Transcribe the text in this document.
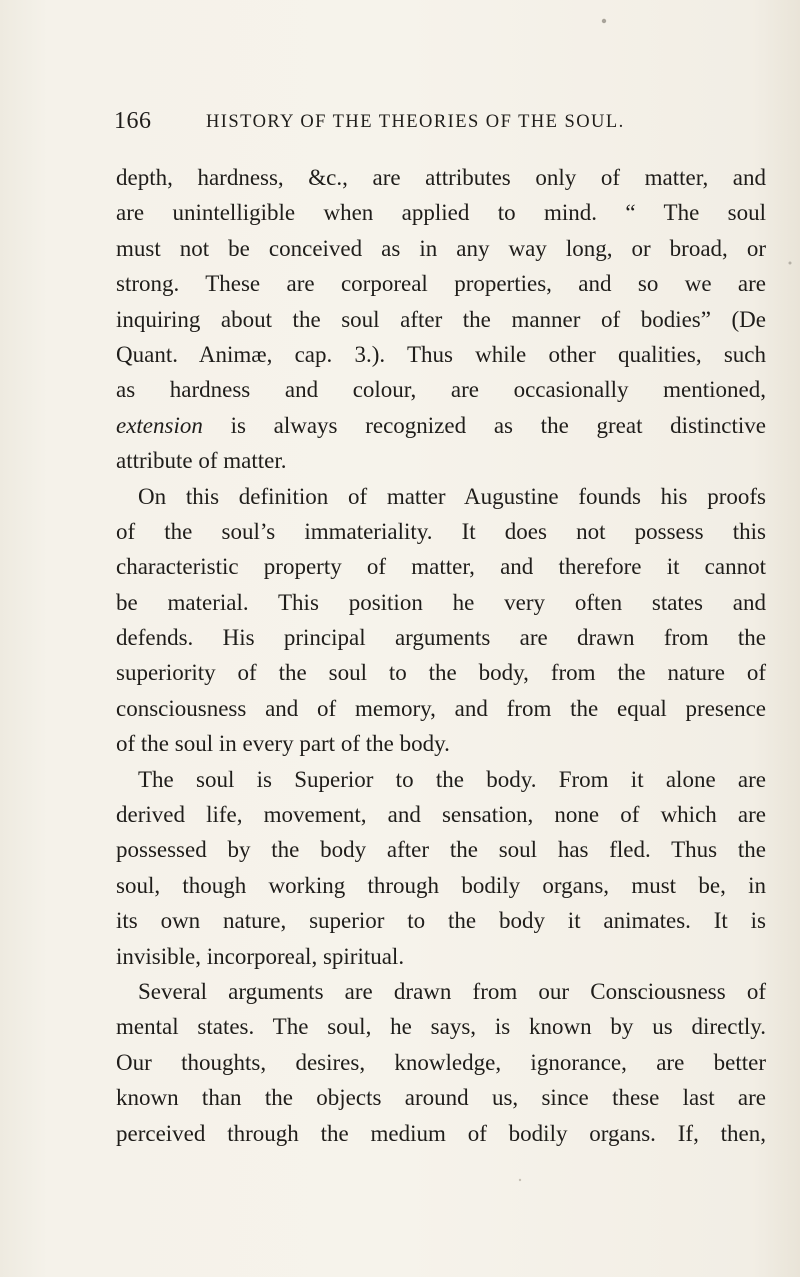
166	HISTORY OF THE THEORIES OF THE SOUL.
depth, hardness, &c., are attributes only of matter, and
are unintelligible when applied to mind. “ The soul
must not be conceived as in any way long, or broad, or
strong. These are corporeal properties, and so we are
inquiring about the soul after the manner of bodies” (De
Quant. Animæ, cap. 3.). Thus while other qualities, such
as hardness and colour, are occasionally mentioned,
extension is always recognized as the great distinctive
attribute of matter.
On this definition of matter Augustine founds his proofs
of the soul’s immateriality. It does not possess this
characteristic property of matter, and therefore it cannot
be material. This position he very often states and
defends. His principal arguments are drawn from the
superiority of the soul to the body, from the nature of
consciousness and of memory, and from the equal presence
of the soul in every part of the body.
The soul is Superior to the body. From it alone are
derived life, movement, and sensation, none of which are
possessed by the body after the soul has fled. Thus the
soul, though working through bodily organs, must be, in
its own nature, superior to the body it animates. It is
invisible, incorporeal, spiritual.
Several arguments are drawn from our Consciousness of
mental states. The soul, he says, is known by us directly.
Our thoughts, desires, knowledge, ignorance, are better
known than the objects around us, since these last are
perceived through the medium of bodily organs. If, then,
